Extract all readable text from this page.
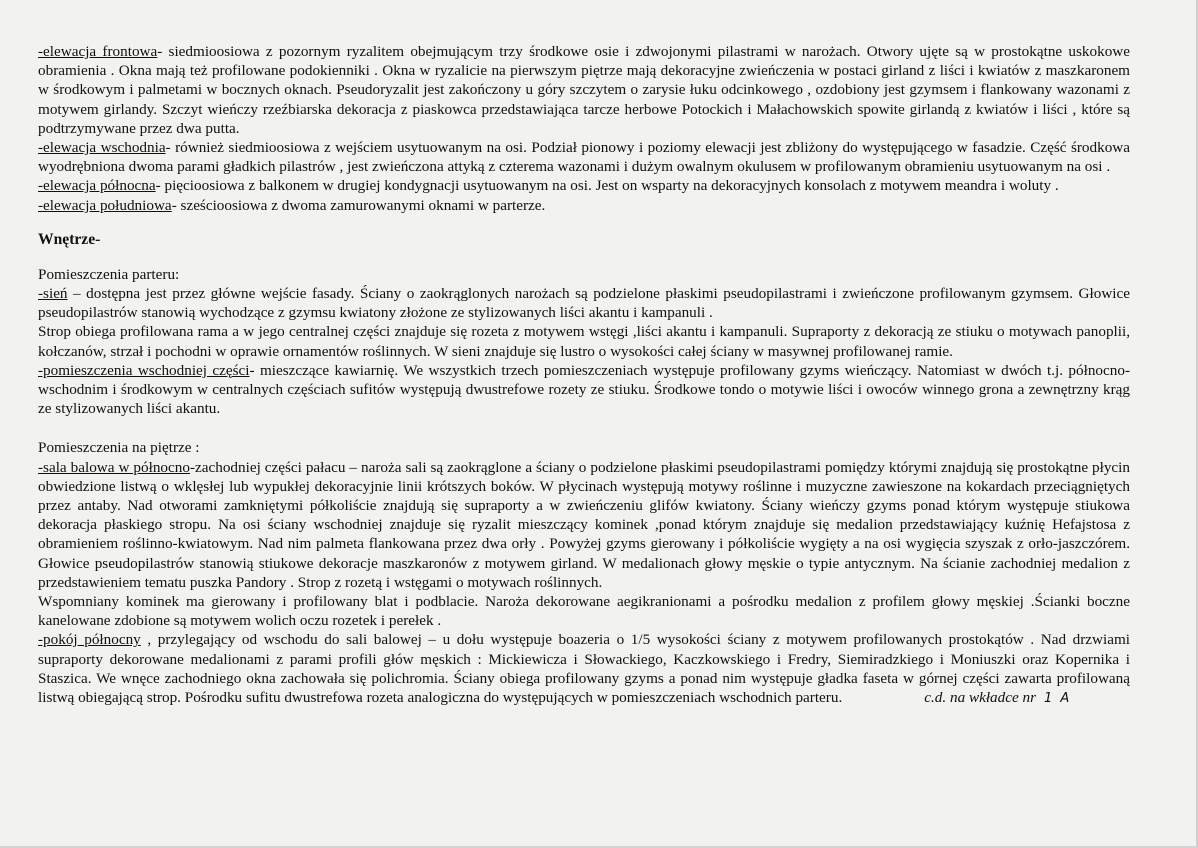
-elewacja frontowa- siedmioosiowa z pozornym ryzalitem obejmującym trzy środkowe osie i zdwojonymi pilastrami w narożach. Otwory ujęte są w prostokątne uskokowe obramienia . Okna mają też profilowane podokienniki . Okna w ryzalicie na pierwszym piętrze mają dekoracyjne zwieńczenia w postaci girland z liści i kwiatów z maszkaronem w środkowym i palmetami w bocznych oknach. Pseudoryzalit jest zakończony u góry szczytem o zarysie łuku odcinkowego , ozdobiony jest gzymsem i flankowany wazonami z motywem girlandy. Szczyt wieńczy rzeźbiarska dekoracja z piaskowca przedstawiająca tarcze herbowe Potockich i Małachowskich spowite girlandą z kwiatów i liści , które są podtrzymywane przez dwa putta.

-elewacja wschodnia- również siedmioosiowa z wejściem usytuowanym na osi. Podział pionowy i poziomy elewacji jest zbliżony do występującego w fasadzie. Część środkowa wyodrębniona dwoma parami gładkich pilastrów , jest zwieńczona attyką z czterema wazonami i dużym owalnym okulusem w profilowanym obramieniu usytuowanym na osi .

-elewacja północna- pięcioosiowa z balkonem w drugiej kondygnacji usytuowanym na osi. Jest on wsparty na dekoracyjnych konsolach z motywem meandra i woluty .

-elewacja południowa- sześcioosiowa z dwoma zamurowanymi oknami w parterze.

Wnętrze-

Pomieszczenia parteru:

-sień – dostępna jest przez główne wejście fasady. Ściany o zaokrąglonych narożach są podzielone płaskimi pseudopilastrami i zwieńczone profilowanym gzymsem. Głowice pseudopilastrów stanowią wychodzące z gzymsu kwiatony złożone ze stylizowanych liści akantu i kampanuli .

Strop obiega profilowana rama a w jego centralnej części znajduje się rozeta z motywem wstęgi ,liści akantu i kampanuli. Supraporty z dekoracją ze stiuku o motywach panoplii, kołczanów, strzał i pochodni w oprawie ornamentów roślinnych. W sieni znajduje się lustro o wysokości całej ściany w masywnej profilowanej ramie.

-pomieszczenia wschodniej części- mieszczące kawiarnię. We wszystkich trzech pomieszczeniach występuje profilowany gzyms wieńczący. Natomiast w dwóch t.j. północno-wschodnim i środkowym w centralnych częściach sufitów występują dwustrefowe rozety ze stiuku. Środkowe tondo o motywie liści i owoców winnego grona a zewnętrzny krąg ze stylizowanych liści akantu.

Pomieszczenia na piętrze :

-sala balowa w północno-zachodniej części pałacu – naroża sali są zaokrąglone a ściany o podzielone płaskimi pseudopilastrami pomiędzy którymi znajdują się prostokątne płycin obwiedzione listwą o wklęsłej lub wypukłej dekoracyjnie linii krótszych boków. W płycinach występują motywy roślinne i muzyczne zawieszone na kokardach przeciągniętych przez antaby. Nad otworami zamkniętymi półkoliście znajdują się supraporty a w zwieńczeniu glifów kwiatony. Ściany wieńczy gzyms ponad którym występuje stiukowa dekoracja płaskiego stropu. Na osi ściany wschodniej znajduje się ryzalit mieszczący kominek ,ponad którym znajduje się medalion przedstawiający kuźnię Hefajstosa z obramieniem roślinno-kwiatowym. Nad nim palmeta flankowana przez dwa orły . Powyżej gzyms gierowany i półkoliście wygięty a na osi wygięcia szyszak z orło-jaszczórem. Głowice pseudopilastrów stanowią stiukowe dekoracje maszkaronów z motywem girland. W medalionach głowy męskie o typie antycznym. Na ścianie zachodniej medalion z przedstawieniem tematu puszka Pandory . Strop z rozetą i wstęgami o motywach roślinnych.

Wspomniany kominek ma gierowany i profilowany blat i podblacie. Naroża dekorowane aegikranionami a pośrodku medalion z profilem głowy męskiej .Ścianki boczne kanelowane zdobione są motywem wolich oczu rozetek i perełek .

-pokój północny , przylegający od wschodu do sali balowej – u dołu występuje boazeria o 1/5 wysokości ściany z motywem profilowanych prostokątów . Nad drzwiami supraporty dekorowane medalionami z parami profili głów męskich : Mickiewicza i Słowackiego, Kaczkowskiego i Fredry, Siemiradzkiego i Moniuszki oraz Kopernika i Staszica. We wnęce zachodniego okna zachowała się polichromia. Ściany obiega profilowany gzyms a ponad nim występuje gładka faseta w górnej części zawarta profilowaną listwą obiegającą strop. Pośrodku sufitu dwustrefowa rozeta analogiczna do występujących w pomieszczeniach wschodnich parteru.	c.d. na wkładce nr 1 A
